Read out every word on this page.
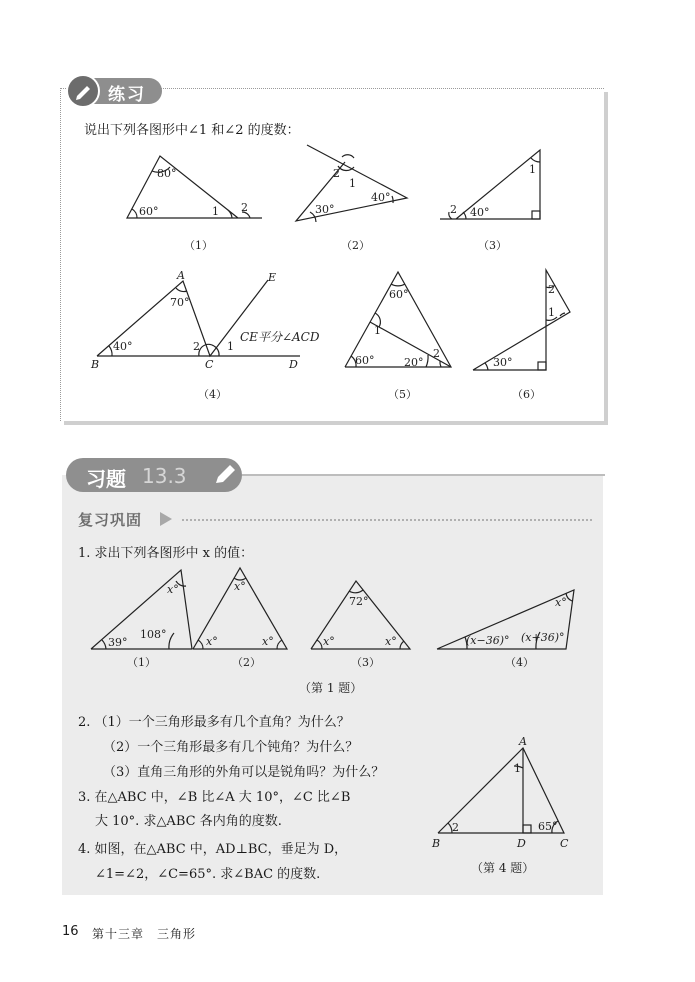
练习
说出下列各图形中∠1 和∠2 的度数：
80°
60°	1 2
2
1
40°
30°
1
2 40°
A	E
B	C	D
70°
40°	2 1
CE平分∠ACD
60°
1
60°	20°
2
2
1
30°
（1）	（2）	（3）
（4）	（5）	（6）
习题 13.3
复习巩固
1. 求出下列各图形中 x 的值：
x°
39°
108°
x°
x°	x°
72°
x°	x°
x°
(x−36)° (x+36)°
（1）	（2）	（3）	（4）
（第 1 题）
A
B	D	C
1
2	65°
（第 4 题）
2. （1）一个三角形最多有几个直角？为什么？
（2）一个三角形最多有几个钝角？为什么？
（3）直角三角形的外角可以是锐角吗？为什么？
3. 在△ABC 中，∠B 比∠A 大 10°，∠C 比∠B
大 10°. 求△ABC 各内角的度数.
4. 如图，在△ABC 中，AD⊥BC，垂足为 D，
∠1=∠2，∠C=65°. 求∠BAC 的度数.
16 第十三章　三角形
